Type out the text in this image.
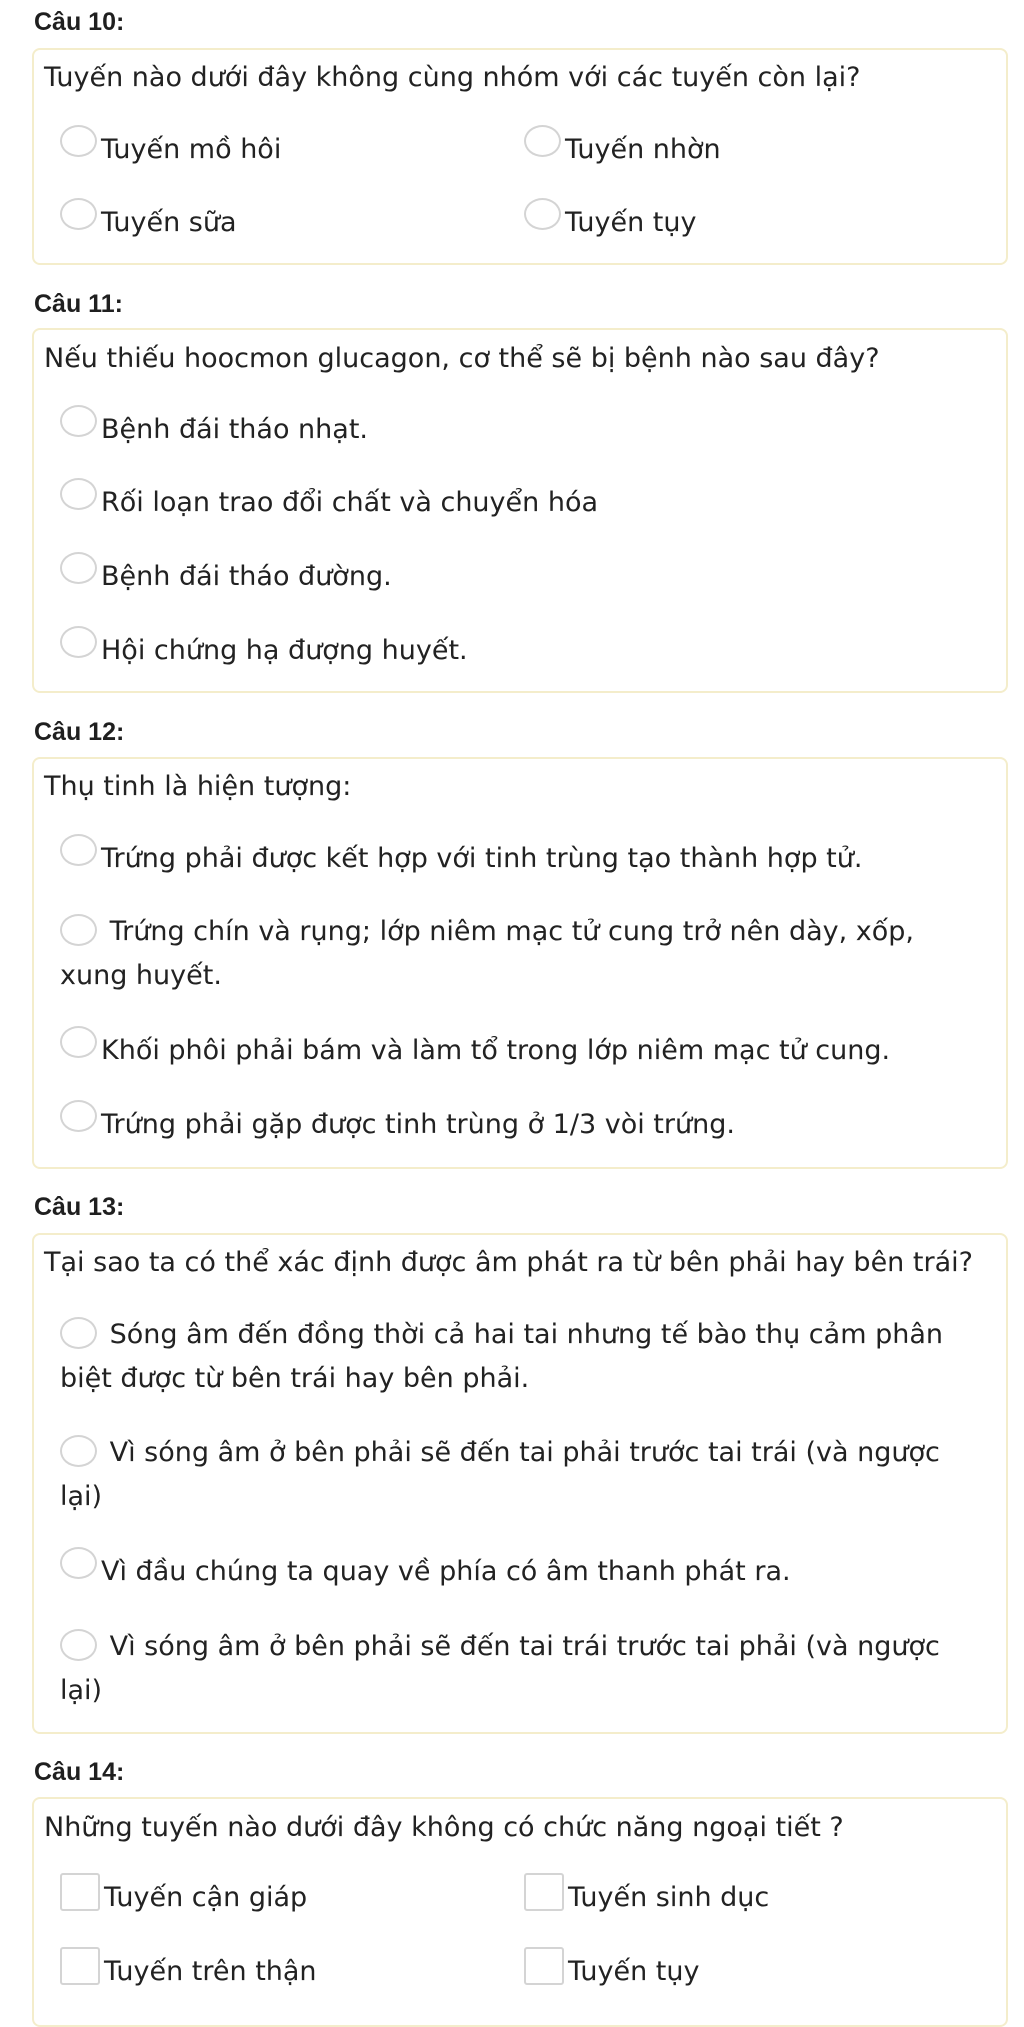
Câu 10:
Tuyến nào dưới đây không cùng nhóm với các tuyến còn lại?
Tuyến mồ hôi	Tuyến nhờn
Tuyến sữa	Tuyến tụy
Câu 11:
Nếu thiếu hoocmon glucagon, cơ thể sẽ bị bệnh nào sau đây?
Bệnh đái tháo nhạt.
Rối loạn trao đổi chất và chuyển hóa
Bệnh đái tháo đường.
Hội chứng hạ đượng huyết.
Câu 12:
Thụ tinh là hiện tượng:
Trứng phải được kết hợp với tinh trùng tạo thành hợp tử.
Trứng chín và rụng; lớp niêm mạc tử cung trở nên dày, xốp, xung huyết.
Khối phôi phải bám và làm tổ trong lớp niêm mạc tử cung.
Trứng phải gặp được tinh trùng ở 1/3 vòi trứng.
Câu 13:
Tại sao ta có thể xác định được âm phát ra từ bên phải hay bên trái?
Sóng âm đến đồng thời cả hai tai nhưng tế bào thụ cảm phân biệt được từ bên trái hay bên phải.
Vì sóng âm ở bên phải sẽ đến tai phải trước tai trái (và ngược lại)
Vì đầu chúng ta quay về phía có âm thanh phát ra.
Vì sóng âm ở bên phải sẽ đến tai trái trước tai phải (và ngược lại)
Câu 14:
Những tuyến nào dưới đây không có chức năng ngoại tiết ?
Tuyến cận giáp	Tuyến sinh dục
Tuyến trên thận	Tuyến tụy
